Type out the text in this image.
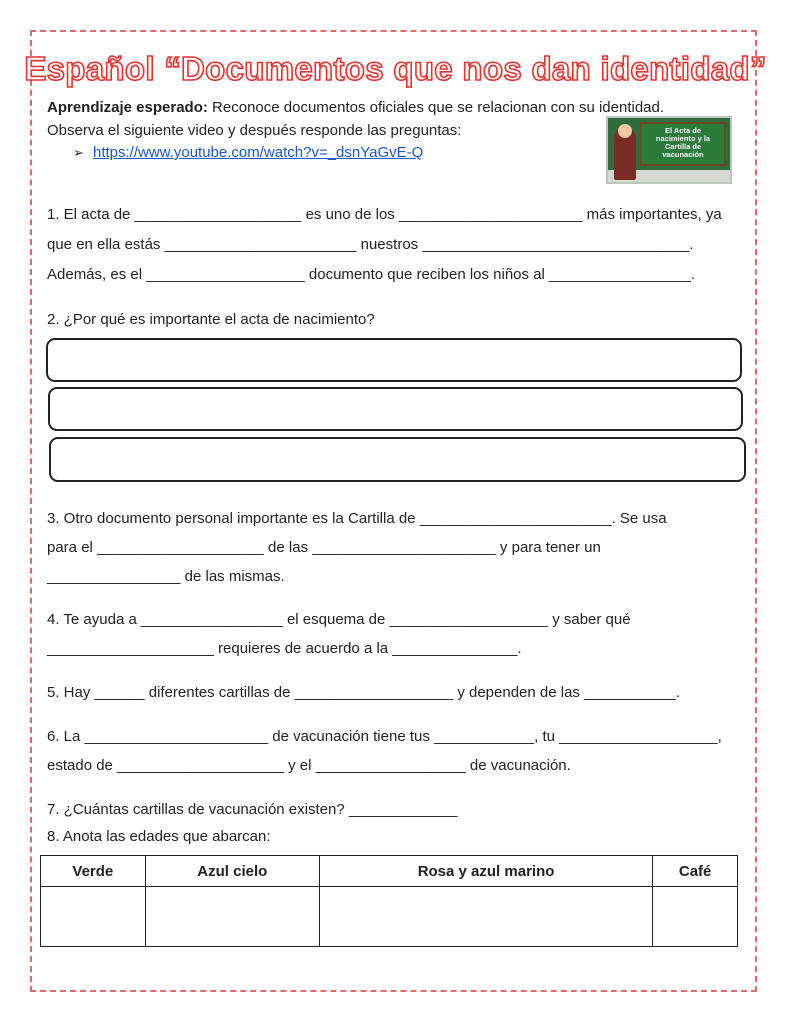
Español “Documentos que nos dan identidad”
Aprendizaje esperado: Reconoce documentos oficiales que se relacionan con su identidad.
Observa el siguiente video y después responde las preguntas:
➢ https://www.youtube.com/watch?v=_dsnYaGvE-Q
El Acta de
nacimiento y la
Cartilla de
vacunación
1. El acta de ____________________ es uno de los ______________________ más importantes, ya
que en ella estás _______________________ nuestros ________________________________.
Además, es el ___________________ documento que reciben los niños al _________________.
2. ¿Por qué es importante el acta de nacimiento?
3. Otro documento personal importante es la Cartilla de _______________________. Se usa
para el ____________________ de las ______________________ y para tener un
________________ de las mismas.
4. Te ayuda a _________________ el esquema de ___________________ y saber qué
____________________ requieres de acuerdo a la _______________.
5. Hay ______ diferentes cartillas de ___________________ y dependen de las ___________.
6. La ______________________ de vacunación tiene tus ____________, tu ___________________,
estado de ____________________ y el __________________ de vacunación.
7. ¿Cuántas cartillas de vacunación existen? _____________
8. Anota las edades que abarcan:
Verde	Azul cielo	Rosa y azul marino	Café
